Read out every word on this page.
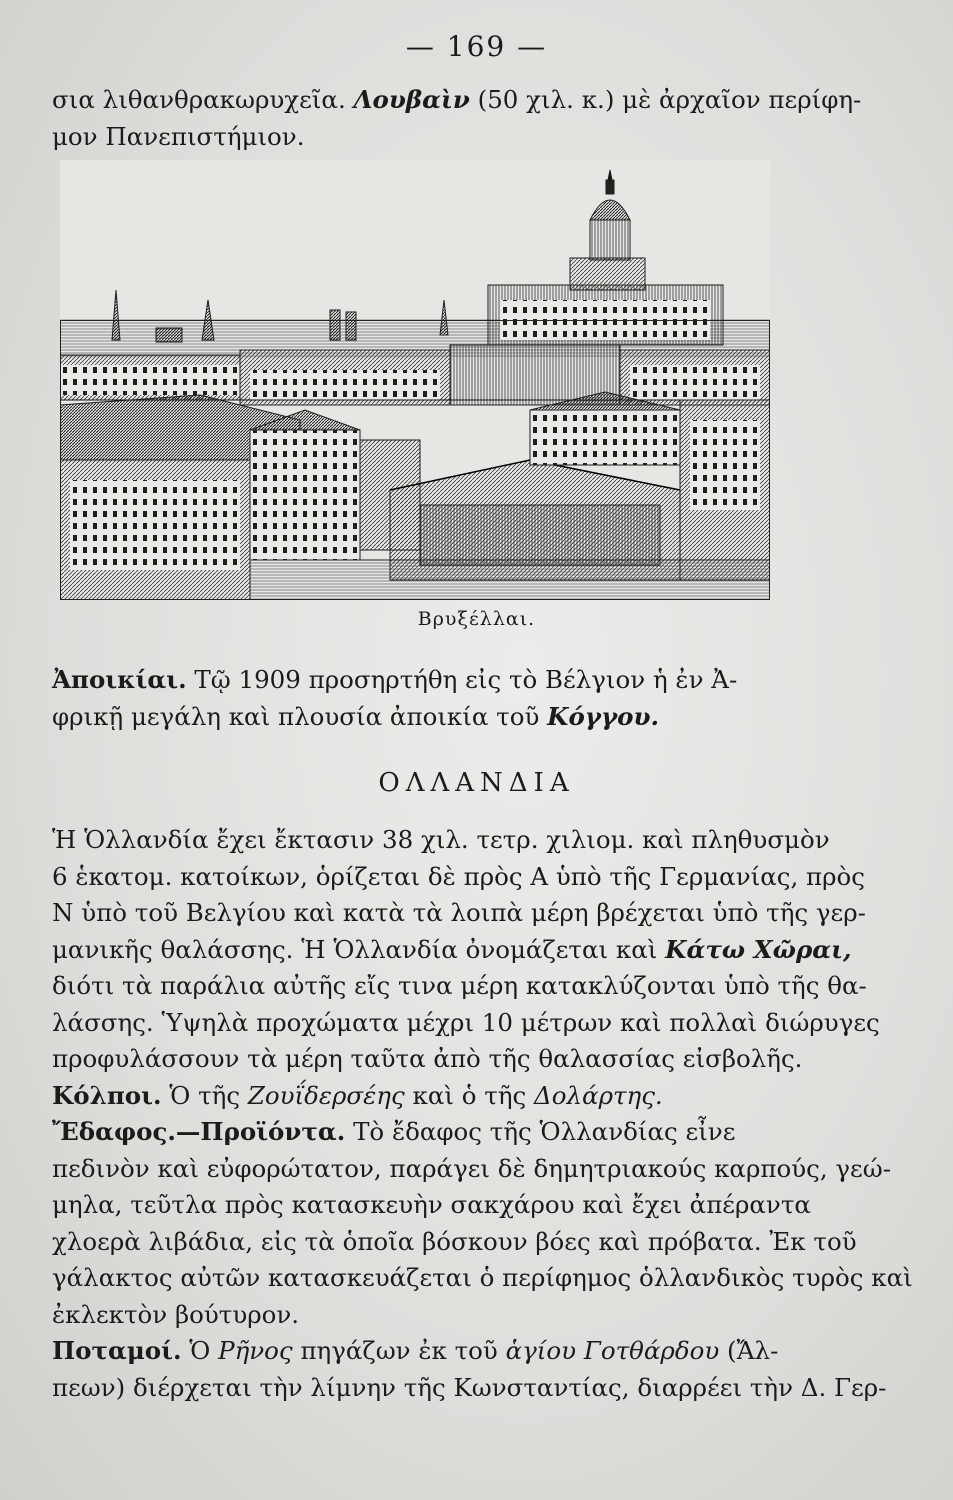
— 169 —
σια λιθανθρακωρυχεῖα. Λουβαὶν (50 χιλ. κ.) μὲ ἀρχαῖον περίφη-
μον Πανεπιστήμιον.
Βρυξέλλαι.
Ἀποικίαι. Τῷ 1909 προσηρτήθη εἰς τὸ Βέλγιον ἡ ἐν Ἀ-
φρικῇ μεγάλη καὶ πλουσία ἀποικία τοῦ Κόγγου.
ΟΛΛΑΝΔΙΑ
Ἡ Ὁλλανδία ἔχει ἔκτασιν 38 χιλ. τετρ. χιλιομ. καὶ πληθυσμὸν
6 ἑκατομ. κατοίκων, ὁρίζεται δὲ πρὸς Α ὑπὸ τῆς Γερμανίας, πρὸς
Ν ὑπὸ τοῦ Βελγίου καὶ κατὰ τὰ λοιπὰ μέρη βρέχεται ὑπὸ τῆς γερ-
μανικῆς θαλάσσης. Ἡ Ὁλλανδία ὀνομάζεται καὶ Κάτω Χῶραι,
διότι τὰ παράλια αὐτῆς εἴς τινα μέρη κατακλύζονται ὑπὸ τῆς θα-
λάσσης. Ὑψηλὰ προχώματα μέχρι 10 μέτρων καὶ πολλαὶ διώρυγες
προφυλάσσουν τὰ μέρη ταῦτα ἀπὸ τῆς θαλασσίας εἰσβολῆς.
Κόλποι. Ὁ τῆς Ζουΐδερσέης καὶ ὁ τῆς Δολάρτης.
Ἔδαφος.—Προϊόντα. Τὸ ἔδαφος τῆς Ὁλλανδίας εἶνε
πεδινὸν καὶ εὐφορώτατον, παράγει δὲ δημητριακούς καρπούς, γεώ-
μηλα, τεῦτλα πρὸς κατασκευὴν σακχάρου καὶ ἔχει ἀπέραντα
χλοερὰ λιβάδια, εἰς τὰ ὁποῖα βόσκουν βόες καὶ πρόβατα. Ἐκ τοῦ
γάλακτος αὐτῶν κατασκευάζεται ὁ περίφημος ὁλλανδικὸς τυρὸς καὶ
ἐκλεκτὸν βούτυρον.
Ποταμοί. Ὁ Ρῆνος πηγάζων ἐκ τοῦ ἁγίου Γοτθάρδου (Ἄλ-
πεων) διέρχεται τὴν λίμνην τῆς Κωνσταντίας, διαρρέει τὴν Δ. Γερ-
